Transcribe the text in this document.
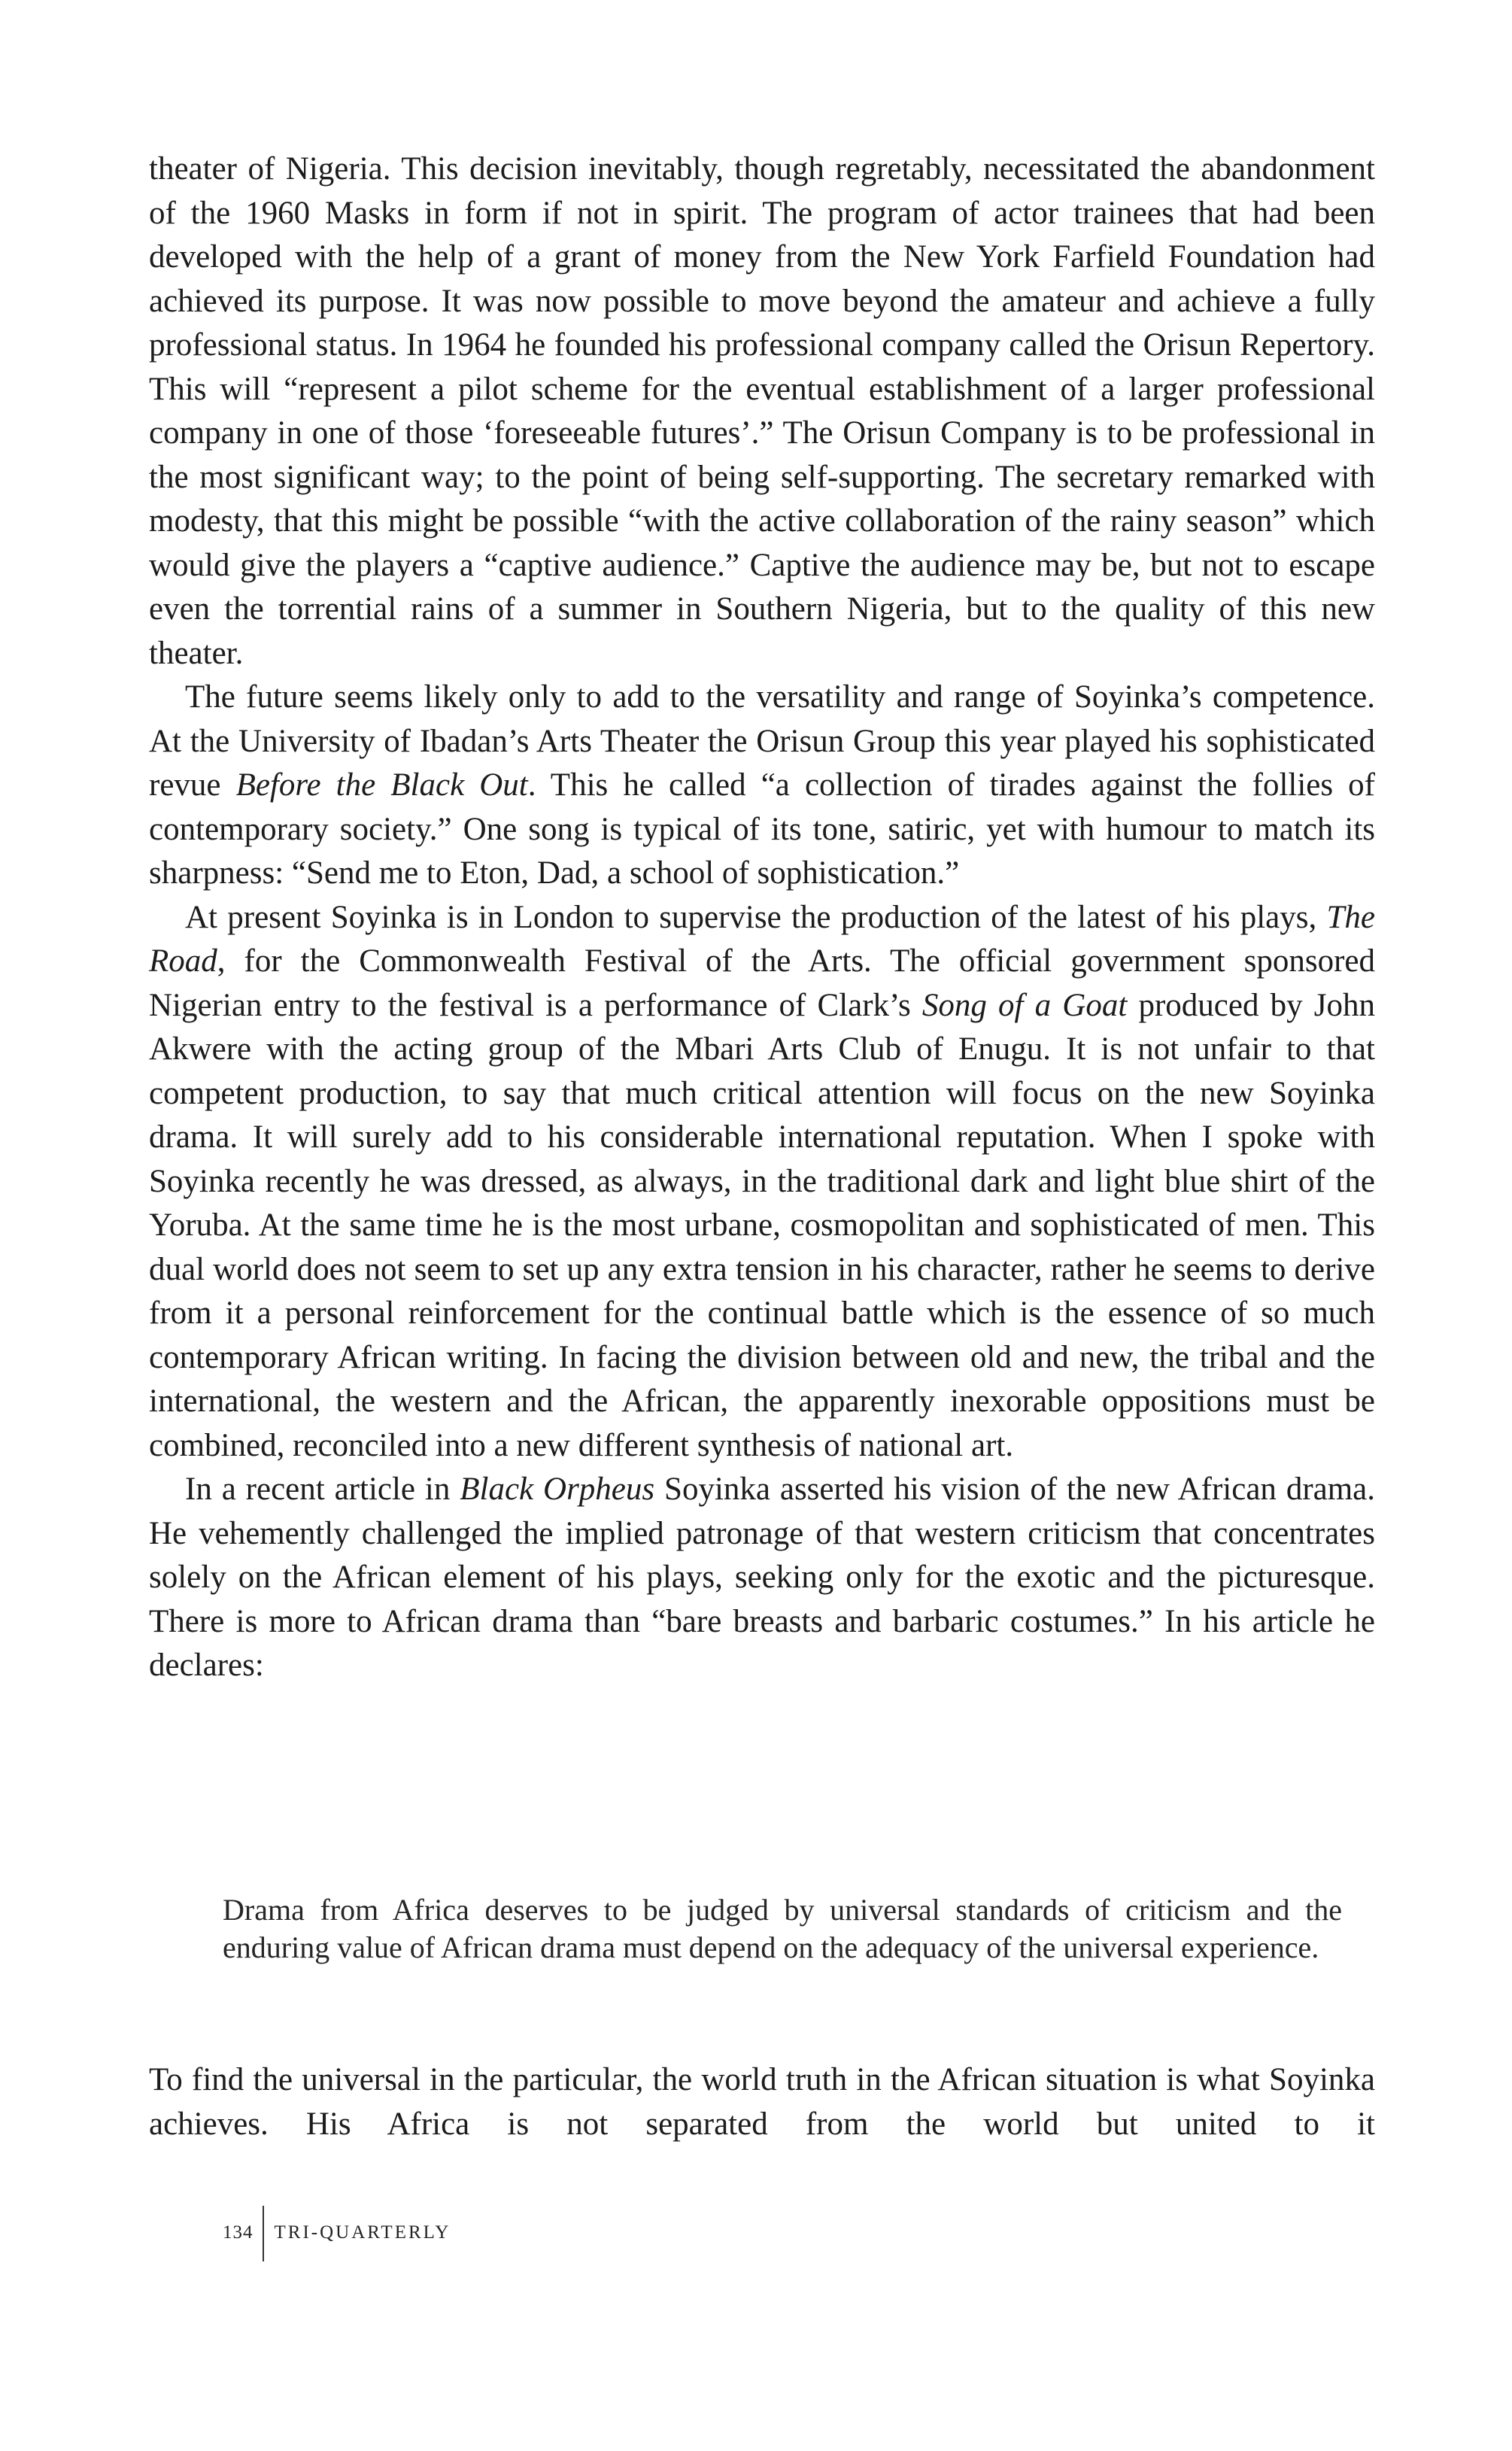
theater of Nigeria. This decision inevitably, though regretably, necessitated the abandonment of the 1960 Masks in form if not in spirit. The program of actor trainees that had been developed with the help of a grant of money from the New York Farfield Foundation had achieved its purpose. It was now possible to move beyond the amateur and achieve a fully professional status. In 1964 he founded his professional company called the Orisun Repertory. This will “represent a pilot scheme for the eventual establishment of a larger professional company in one of those ‘foreseeable futures’.” The Orisun Company is to be professional in the most significant way; to the point of being self-supporting. The secretary remarked with modesty, that this might be possible “with the active collaboration of the rainy season” which would give the players a “captive audience.” Captive the audience may be, but not to escape even the torrential rains of a summer in Southern Nigeria, but to the quality of this new theater.

The future seems likely only to add to the versatility and range of Soyinka’s competence. At the University of Ibadan’s Arts Theater the Orisun Group this year played his sophisticated revue Before the Black Out. This he called “a collection of tirades against the follies of contemporary society.” One song is typical of its tone, satiric, yet with humour to match its sharpness: “Send me to Eton, Dad, a school of sophistication.”

At present Soyinka is in London to supervise the production of the latest of his plays, The Road, for the Commonwealth Festival of the Arts. The official government sponsored Nigerian entry to the festival is a performance of Clark’s Song of a Goat produced by John Akwere with the acting group of the Mbari Arts Club of Enugu. It is not unfair to that competent production, to say that much critical attention will focus on the new Soyinka drama. It will surely add to his considerable international reputation. When I spoke with Soyinka recently he was dressed, as always, in the traditional dark and light blue shirt of the Yoruba. At the same time he is the most urbane, cosmopolitan and sophisticated of men. This dual world does not seem to set up any extra tension in his character, rather he seems to derive from it a personal reinforcement for the continual battle which is the essence of so much contemporary African writing. In facing the division between old and new, the tribal and the international, the western and the African, the apparently inexorable oppositions must be combined, reconciled into a new different synthesis of national art.

In a recent article in Black Orpheus Soyinka asserted his vision of the new African drama. He vehemently challenged the implied patronage of that western criticism that concentrates solely on the African element of his plays, seeking only for the exotic and the picturesque. There is more to African drama than “bare breasts and barbaric costumes.” In his article he declares:

Drama from Africa deserves to be judged by universal standards of criticism and the enduring value of African drama must depend on the adequacy of the universal experience.
To find the universal in the particular, the world truth in the African situation is what Soyinka achieves. His Africa is not separated from the world but united to it
134	TRI-QUARTERLY
